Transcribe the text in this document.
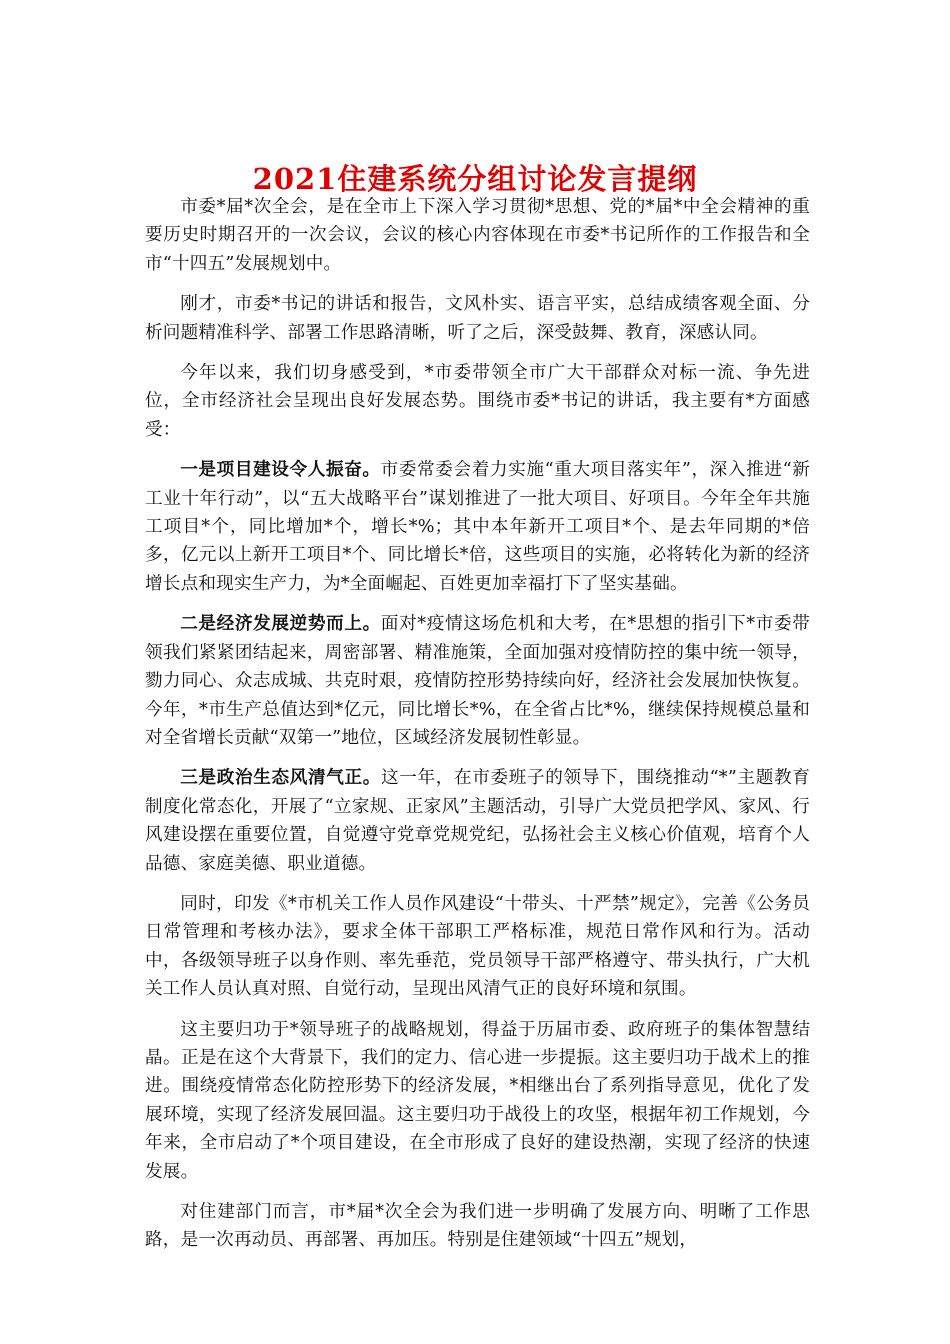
2021住建系统分组讨论发言提纲

市委*届*次全会，是在全市上下深入学习贯彻*思想、党的*届*中全会精神的重要历史时期召开的一次会议，会议的核心内容体现在市委*书记所作的工作报告和全市“十四五”发展规划中。

刚才，市委*书记的讲话和报告，文风朴实、语言平实，总结成绩客观全面、分析问题精准科学、部署工作思路清晰，听了之后，深受鼓舞、教育，深感认同。

今年以来，我们切身感受到，*市委带领全市广大干部群众对标一流、争先进位，全市经济社会呈现出良好发展态势。围绕市委*书记的讲话，我主要有*方面感受：

一是项目建设令人振奋。市委常委会着力实施“重大项目落实年”，深入推进“新工业十年行动”，以“五大战略平台”谋划推进了一批大项目、好项目。今年全年共施工项目*个，同比增加*个，增长*%；其中本年新开工项目*个、是去年同期的*倍多，亿元以上新开工项目*个、同比增长*倍，这些项目的实施，必将转化为新的经济增长点和现实生产力，为*全面崛起、百姓更加幸福打下了坚实基础。

二是经济发展逆势而上。面对*疫情这场危机和大考，在*思想的指引下*市委带领我们紧紧团结起来，周密部署、精准施策，全面加强对疫情防控的集中统一领导，勠力同心、众志成城、共克时艰，疫情防控形势持续向好，经济社会发展加快恢复。今年，*市生产总值达到*亿元，同比增长*%，在全省占比*%，继续保持规模总量和对全省增长贡献“双第一”地位，区域经济发展韧性彰显。

三是政治生态风清气正。这一年，在市委班子的领导下，围绕推动“*”主题教育制度化常态化，开展了“立家规、正家风”主题活动，引导广大党员把学风、家风、行风建设摆在重要位置，自觉遵守党章党规党纪，弘扬社会主义核心价值观，培育个人品德、家庭美德、职业道德。

同时，印发《*市机关工作人员作风建设“十带头、十严禁”规定》，完善《公务员日常管理和考核办法》，要求全体干部职工严格标准，规范日常作风和行为。活动中，各级领导班子以身作则、率先垂范，党员领导干部严格遵守、带头执行，广大机关工作人员认真对照、自觉行动，呈现出风清气正的良好环境和氛围。

这主要归功于*领导班子的战略规划，得益于历届市委、政府班子的集体智慧结晶。正是在这个大背景下，我们的定力、信心进一步提振。这主要归功于战术上的推进。围绕疫情常态化防控形势下的经济发展，*相继出台了系列指导意见，优化了发展环境，实现了经济发展回温。这主要归功于战役上的攻坚，根据年初工作规划，今年来，全市启动了*个项目建设，在全市形成了良好的建设热潮，实现了经济的快速发展。

对住建部门而言，市*届*次全会为我们进一步明确了发展方向、明晰了工作思路，是一次再动员、再部署、再加压。特别是住建领域“十四五”规划，
